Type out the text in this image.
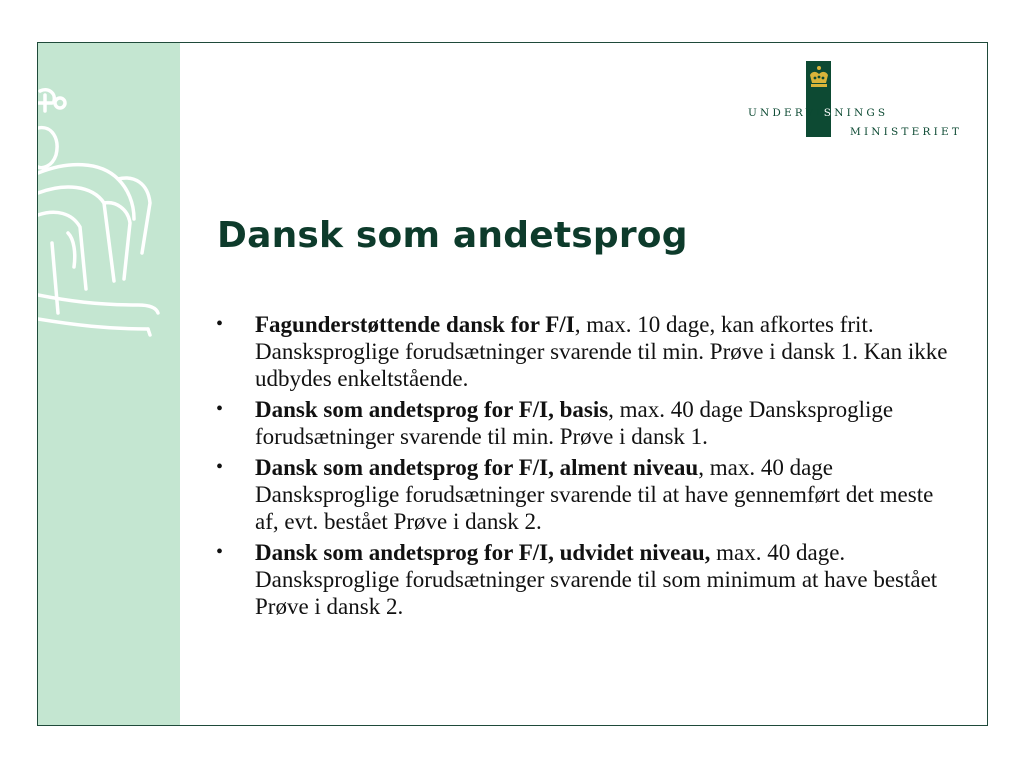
UNDERVISNINGS
MINISTERIET
Dansk som andetsprog
• Fagunderstøttende dansk for F/I, max. 10 dage, kan afkortes frit. Dansksproglige forudsætninger svarende til min. Prøve i dansk 1. Kan ikke udbydes enkeltstående.
• Dansk som andetsprog for F/I, basis, max. 40 dage Dansksproglige forudsætninger svarende til min. Prøve i dansk 1.
• Dansk som andetsprog for F/I, alment niveau, max. 40 dage Dansksproglige forudsætninger svarende til at have gennemført det meste af, evt. bestået Prøve i dansk 2.
• Dansk som andetsprog for F/I, udvidet niveau, max. 40 dage. Dansksproglige forudsætninger svarende til som minimum at have bestået Prøve i dansk 2.
